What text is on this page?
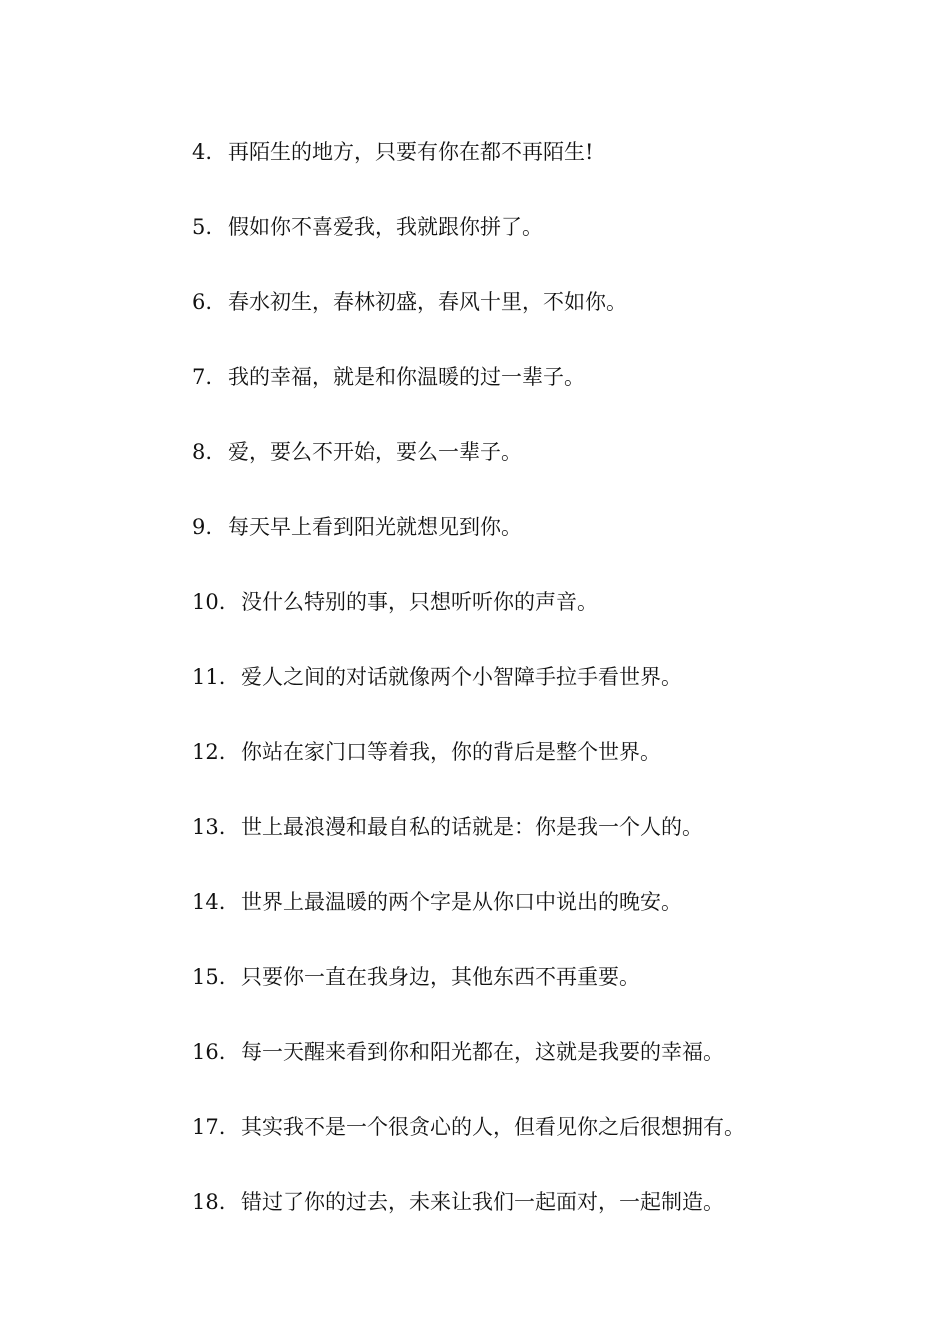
4. 再陌生的地方，只要有你在都不再陌生!
5. 假如你不喜爱我，我就跟你拼了。
6. 春水初生，春林初盛，春风十里，不如你。
7. 我的幸福，就是和你温暖的过一辈子。
8. 爱，要么不开始，要么一辈子。
9. 每天早上看到阳光就想见到你。
10. 没什么特别的事，只想听听你的声音。
11. 爱人之间的对话就像两个小智障手拉手看世界。
12. 你站在家门口等着我，你的背后是整个世界。
13. 世上最浪漫和最自私的话就是：你是我一个人的。
14. 世界上最温暖的两个字是从你口中说出的晚安。
15. 只要你一直在我身边，其他东西不再重要。
16. 每一天醒来看到你和阳光都在，这就是我要的幸福。
17. 其实我不是一个很贪心的人，但看见你之后很想拥有。
18. 错过了你的过去，未来让我们一起面对，一起制造。
